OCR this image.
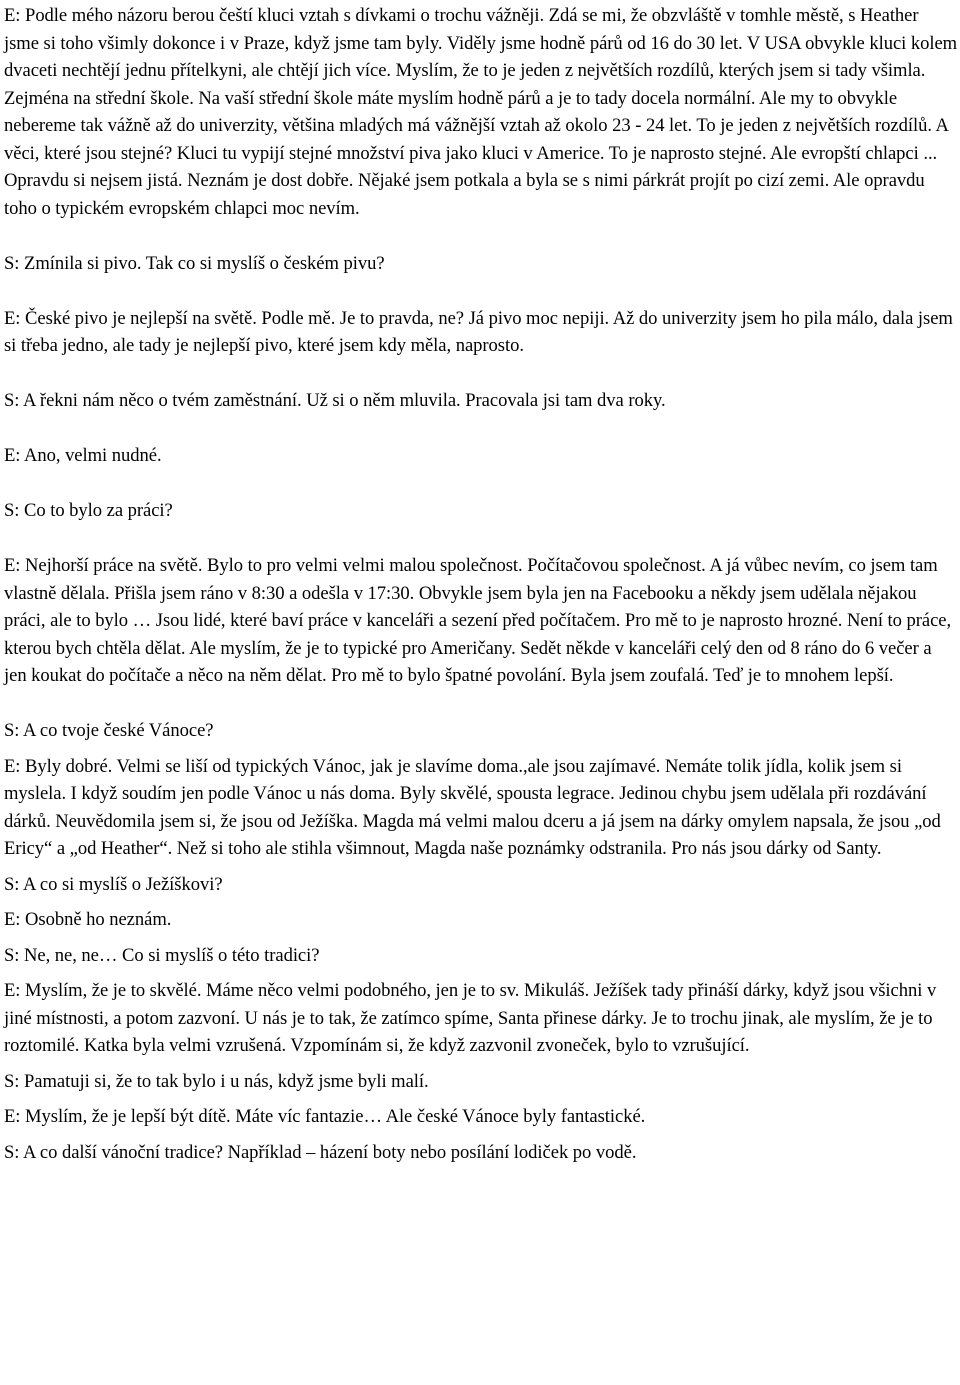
E: Podle mého názoru berou čeští kluci vztah s dívkami o trochu vážněji. Zdá se mi, že obzvláště v tomhle městě, s Heather jsme si toho všimly dokonce i v Praze, když jsme tam byly. Viděly jsme hodně párů od 16 do 30 let. V USA obvykle kluci kolem dvaceti nechtějí jednu přítelkyni, ale chtějí jich více. Myslím, že to je jeden z největších rozdílů, kterých jsem si tady všimla. Zejména na střední škole. Na vaší střední škole máte myslím hodně párů a je to tady docela normální. Ale my to obvykle nebereme tak vážně až do univerzity, většina mladých má vážnější vztah až okolo 23 - 24 let. To je jeden z největších rozdílů. A věci, které jsou stejné? Kluci tu vypijí stejné množství piva jako kluci v Americe. To je naprosto stejné. Ale evropští chlapci ... Opravdu si nejsem jistá. Neznám je dost dobře. Nějaké jsem potkala a byla se s nimi párkrát projít po cizí zemi. Ale opravdu toho o typickém evropském chlapci moc nevím.

S: Zmínila si pivo. Tak co si myslíš o českém pivu?

E: České pivo je nejlepší na světě. Podle mě. Je to pravda, ne? Já pivo moc nepiji. Až do univerzity jsem ho pila málo, dala jsem si třeba jedno, ale tady je nejlepší pivo, které jsem kdy měla, naprosto.

S: A řekni nám něco o tvém zaměstnání. Už si o něm mluvila. Pracovala jsi tam dva roky.

E: Ano, velmi nudné.

S: Co to bylo za práci?

E: Nejhorší práce na světě. Bylo to pro velmi velmi malou společnost. Počítačovou společnost. A já vůbec nevím, co jsem tam vlastně dělala. Přišla jsem ráno v 8:30 a odešla v 17:30. Obvykle jsem byla jen na Facebooku a někdy jsem udělala nějakou práci, ale to bylo … Jsou lidé, které baví práce v kanceláři a sezení před počítačem. Pro mě to je naprosto hrozné. Není to práce, kterou bych chtěla dělat. Ale myslím, že je to typické pro Američany. Sedět někde v kanceláři celý den od 8 ráno do 6 večer a jen koukat do počítače a něco na něm dělat. Pro mě to bylo špatné povolání. Byla jsem zoufalá. Teď je to mnohem lepší.

S: A co tvoje české Vánoce?

E: Byly dobré. Velmi se liší od typických Vánoc, jak je slavíme doma.,ale jsou zajímavé. Nemáte tolik jídla, kolik jsem si myslela. I když soudím jen podle Vánoc u nás doma. Byly skvělé, spousta legrace. Jedinou chybu jsem udělala při rozdávání dárků. Neuvědomila jsem si, že jsou od Ježíška. Magda má velmi malou dceru a já jsem na dárky omylem napsala, že jsou „od Ericy“ a „od Heather“. Než si toho ale stihla všimnout, Magda naše poznámky odstranila. Pro nás jsou dárky od Santy.

S: A co si myslíš o Ježíškovi?

E: Osobně ho neznám.

S: Ne, ne, ne… Co si myslíš o této tradici?

E: Myslím, že je to skvělé. Máme něco velmi podobného, jen je to sv. Mikuláš. Ježíšek tady přináší dárky, když jsou všichni v jiné místnosti, a potom zazvoní. U nás je to tak, že zatímco spíme, Santa přinese dárky. Je to trochu jinak, ale myslím, že je to roztomilé. Katka byla velmi vzrušená. Vzpomínám si, že když zazvonil zvoneček, bylo to vzrušující.

S: Pamatuji si, že to tak bylo i u nás, když jsme byli malí.

E: Myslím, že je lepší být dítě. Máte víc fantazie… Ale české Vánoce byly fantastické.

S: A co další vánoční tradice? Například – házení boty nebo posílání lodiček po vodě.
